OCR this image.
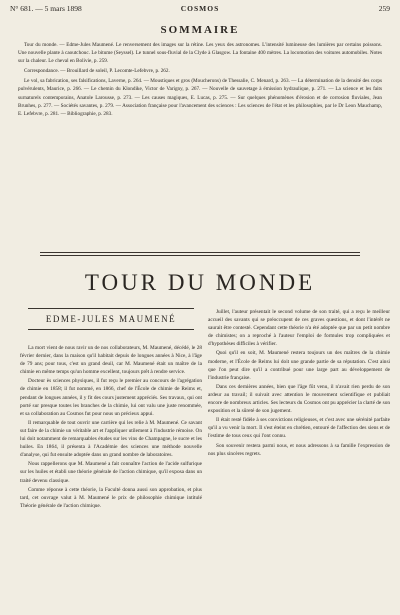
N° 681. — 5 mars 1898	COSMOS	259
SOMMAIRE

Tour du monde. — Edme-Jules Maumené. Le renversement des images sur la rétine. Les yeux des astronomes. L'intensité lumineuse des lumières par certains poissons. Une nouvelle plante à caoutchouc. Le bitume (Seyssel). Le tunnel sous-fluvial de la Clyde à Glasgow. La fontaine 400 mètres. La locomotion des voitures automobiles. Notes sur la chaleur. Le cheval en Bolivie, p. 259.

Correspondance. — Brouillard de soleil, P. Lecomte-Lefebvre, p. 262.

Le vol, sa fabrication, ses falsifications, Laverne, p. 264. — Moustiques et gros (Moucherons) de Thessalie, C. Menard, p. 263. — La détermination de la densité des corps pulvérulents, Maurice, p. 266. — Le chemin du Klondike, Victor de Varigny, p. 267. — Nouvelle de sauvetage à émission hydraulique, p. 271. — La science et les faits surnaturels contemporains, Anatole Larousse, p. 273. — Les causes magiques, E. Lucas, p. 275. — Sur quelques phénomènes d'érosion et de corrosion fluviales, Jean Brunhes, p. 277. — Sociétés savantes, p. 279. — Association française pour l'avancement des sciences : Les sciences de l'état et les philosophies, par le Dr Leon Mauchamp, E. Lefebvre, p. 281. — Bibliographie, p. 283.

TOUR DU MONDE
EDME-JULES MAUMENÉ

La mort vient de nous ravir un de nos collaborateurs, M. Maumené, décédé, le 28 février dernier, dans la maison qu'il habitait depuis de longues années à Nice, à l'âge de 79 ans; pour tous, c'est un grand deuil, car M. Maumené était un maître de la chimie en même temps qu'un homme excellent, toujours prêt à rendre service.

Docteur ès sciences physiques, il fut reçu le premier au concours de l'agrégation de chimie en 1858; il fut nommé, en 1866, chef de l'École de chimie de Reims et, pendant de longues années, il y fit des cours justement appréciés. Ses travaux, qui ont porté sur presque toutes les branches de la chimie, lui ont valu une juste renommée, et sa collaboration au Cosmos fut pour nous un précieux appui.

Il remarquable de tout ouvrir une carrière qui les relie à M. Maumené. Ce savant sut faire de la chimie un véritable art et l'appliquer utilement à l'industrie rémoise. On lui doit notamment de remarquables études sur les vins de Champagne, le sucre et les huiles. En 1864, il présenta à l'Académie des sciences une méthode nouvelle d'analyse, qui fut ensuite adoptée dans un grand nombre de laboratoires.

Nous rappellerons que M. Maumené a fait connaître l'action de l'acide sulfurique sur les huiles et établi une théorie générale de l'action chimique, qu'il exposa dans un traité devenu classique.

Comme réponse à cette théorie, la Faculté donna aussi son approbation, et plus tard, cet ouvrage valut à M. Maumené le prix de philosophie chimique intitulé Théorie générale de l'action chimique.

Juillet, l'auteur présentait le second volume de son traité, qui a reçu le meilleur accueil des savants qui se préoccupent de ces graves questions, et dont l'intérêt ne saurait être contesté. Cependant cette théorie n'a été adoptée que par un petit nombre de chimistes; on a reproché à l'auteur l'emploi de formules trop compliquées et d'hypothèses difficiles à vérifier.

Quoi qu'il en soit, M. Maumené restera toujours un des maîtres de la chimie moderne, et l'École de Reims lui doit une grande partie de sa réputation. C'est ainsi que l'on peut dire qu'il a contribué pour une large part au développement de l'industrie française.

Dans ces dernières années, bien que l'âge fût venu, il n'avait rien perdu de son ardeur au travail; il suivait avec attention le mouvement scientifique et publiait encore de nombreux articles. Ses lecteurs du Cosmos ont pu apprécier la clarté de son exposition et la sûreté de son jugement.

Il était resté fidèle à ses convictions religieuses, et c'est avec une sérénité parfaite qu'il a vu venir la mort. Il s'est éteint en chrétien, entouré de l'affection des siens et de l'estime de tous ceux qui l'ont connu.

Son souvenir restera parmi nous, et nous adressons à sa famille l'expression de nos plus sincères regrets.
